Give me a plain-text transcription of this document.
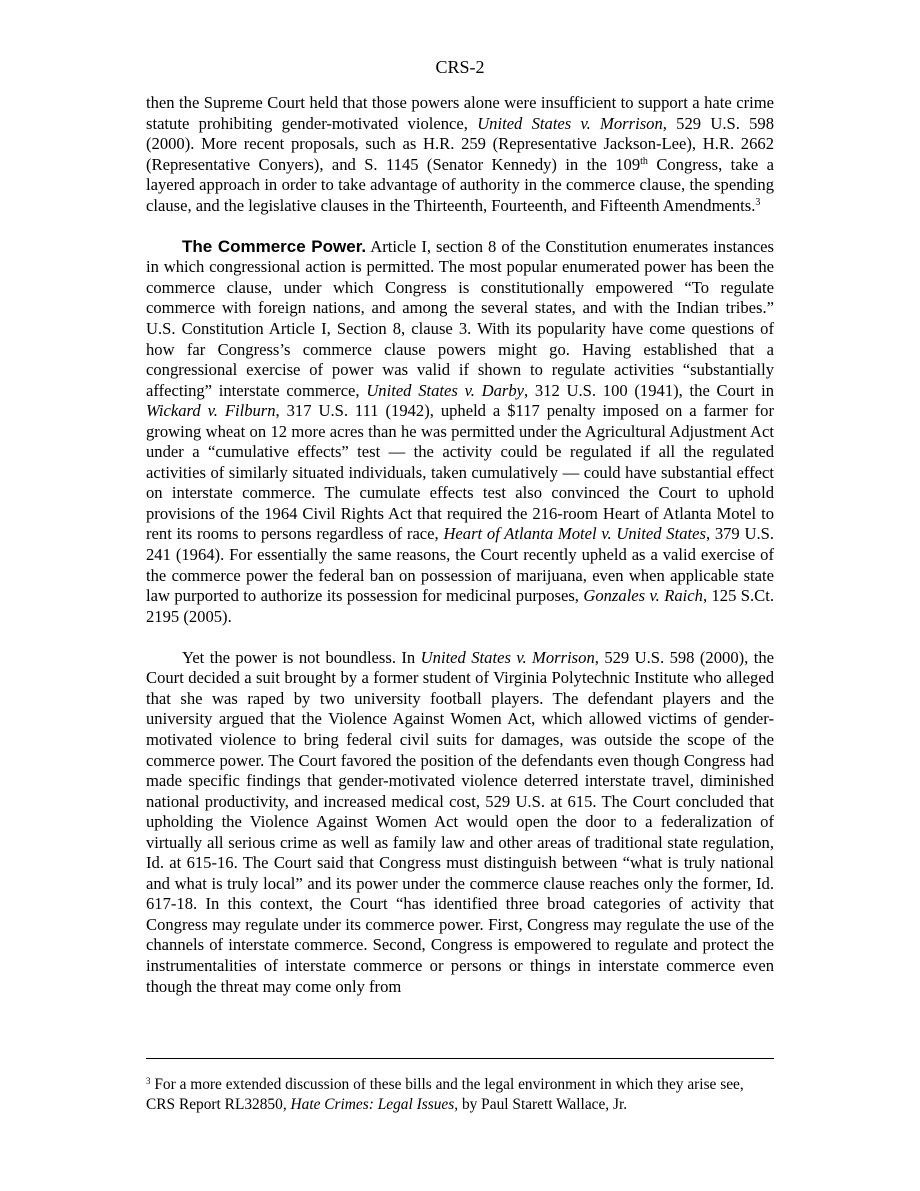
CRS-2

then the Supreme Court held that those powers alone were insufficient to support a hate crime statute prohibiting gender-motivated violence, United States v. Morrison, 529 U.S. 598 (2000). More recent proposals, such as H.R. 259 (Representative Jackson-Lee), H.R. 2662 (Representative Conyers), and S. 1145 (Senator Kennedy) in the 109th Congress, take a layered approach in order to take advantage of authority in the commerce clause, the spending clause, and the legislative clauses in the Thirteenth, Fourteenth, and Fifteenth Amendments.$^3$

The Commerce Power. Article I, section 8 of the Constitution enumerates instances in which congressional action is permitted. The most popular enumerated power has been the commerce clause, under which Congress is constitutionally empowered “To regulate commerce with foreign nations, and among the several states, and with the Indian tribes.” U.S. Constitution Article I, Section 8, clause 3. With its popularity have come questions of how far Congress’s commerce clause powers might go. Having established that a congressional exercise of power was valid if shown to regulate activities “substantially affecting” interstate commerce, United States v. Darby, 312 U.S. 100 (1941), the Court in Wickard v. Filburn, 317 U.S. 111 (1942), upheld a $117 penalty imposed on a farmer for growing wheat on 12 more acres than he was permitted under the Agricultural Adjustment Act under a “cumulative effects” test — the activity could be regulated if all the regulated activities of similarly situated individuals, taken cumulatively — could have substantial effect on interstate commerce. The cumulate effects test also convinced the Court to uphold provisions of the 1964 Civil Rights Act that required the 216-room Heart of Atlanta Motel to rent its rooms to persons regardless of race, Heart of Atlanta Motel v. United States, 379 U.S. 241 (1964). For essentially the same reasons, the Court recently upheld as a valid exercise of the commerce power the federal ban on possession of marijuana, even when applicable state law purported to authorize its possession for medicinal purposes, Gonzales v. Raich, 125 S.Ct. 2195 (2005).

Yet the power is not boundless. In United States v. Morrison, 529 U.S. 598 (2000), the Court decided a suit brought by a former student of Virginia Polytechnic Institute who alleged that she was raped by two university football players. The defendant players and the university argued that the Violence Against Women Act, which allowed victims of gender-motivated violence to bring federal civil suits for damages, was outside the scope of the commerce power. The Court favored the position of the defendants even though Congress had made specific findings that gender-motivated violence deterred interstate travel, diminished national productivity, and increased medical cost, 529 U.S. at 615. The Court concluded that upholding the Violence Against Women Act would open the door to a federalization of virtually all serious crime as well as family law and other areas of traditional state regulation, Id. at 615-16. The Court said that Congress must distinguish between “what is truly national and what is truly local” and its power under the commerce clause reaches only the former, Id. 617-18. In this context, the Court “has identified three broad categories of activity that Congress may regulate under its commerce power. First, Congress may regulate the use of the channels of interstate commerce. Second, Congress is empowered to regulate and protect the instrumentalities of interstate commerce or persons or things in interstate commerce even though the threat may come only from

$^3$ For a more extended discussion of these bills and the legal environment in which they arise see, CRS Report RL32850, Hate Crimes: Legal Issues, by Paul Starett Wallace, Jr.
